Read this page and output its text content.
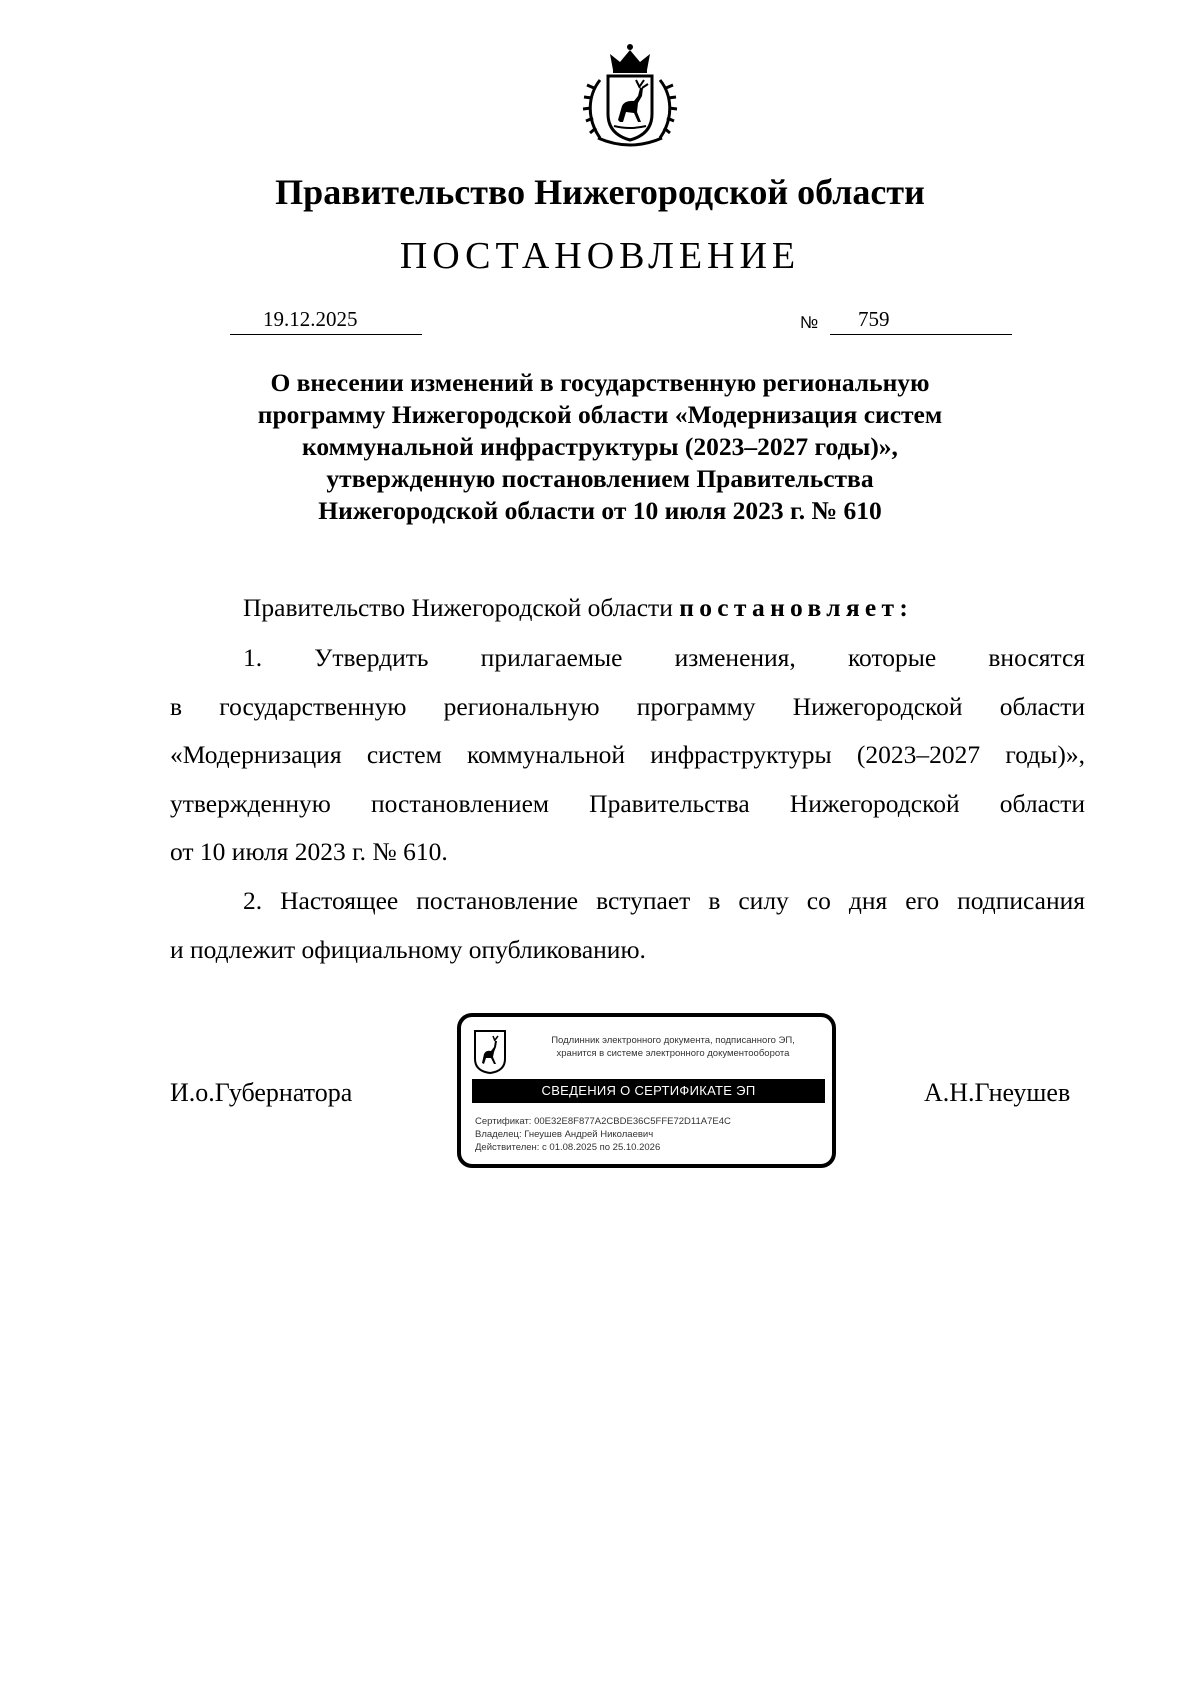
Правительство Нижегородской области
ПОСТАНОВЛЕНИЕ
19.12.2025	№ 759
О внесении изменений в государственную региональную
программу Нижегородской области «Модернизация систем
коммунальной инфраструктуры (2023–2027 годы)»,
утвержденную постановлением Правительства
Нижегородской области от 10 июля 2023 г. № 610
Правительство Нижегородской области постановляет:
1. Утвердить прилагаемые изменения, которые вносятся
в государственную региональную программу Нижегородской области
«Модернизация систем коммунальной инфраструктуры (2023–2027 годы)»,
утвержденную постановлением Правительства Нижегородской области
от 10 июля 2023 г. № 610.
2. Настоящее постановление вступает в силу со дня его подписания
и подлежит официальному опубликованию.
И.о.Губернатора	А.Н.Гнеушев
Подлинник электронного документа, подписанного ЭП,
хранится в системе электронного документооборота
СВЕДЕНИЯ О СЕРТИФИКАТЕ ЭП
Сертификат: 00E32E8F877A2CBDE36C5FFE72D11A7E4C
Владелец: Гнеушев Андрей Николаевич
Действителен: с 01.08.2025 по 25.10.2026
